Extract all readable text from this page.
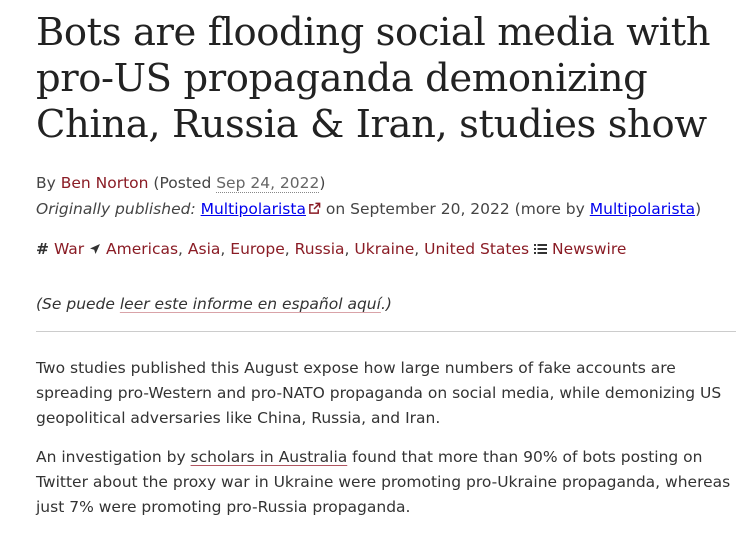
Bots are flooding social media with pro-US propaganda demonizing China, Russia & Iran, studies show
By Ben Norton (Posted Sep 24, 2022)
Originally published: Multipolarista on September 20, 2022 (more by Multipolarista)
# War Americas, Asia, Europe, Russia, Ukraine, United States Newswire
(Se puede leer este informe en español aquí.)

Two studies published this August expose how large numbers of fake accounts are spreading pro-Western and pro-NATO propaganda on social media, while demonizing US geopolitical adversaries like China, Russia, and Iran.

An investigation by scholars in Australia found that more than 90% of bots posting on Twitter about the proxy war in Ukraine were promoting pro-Ukraine propaganda, whereas just 7% were promoting pro-Russia propaganda.
